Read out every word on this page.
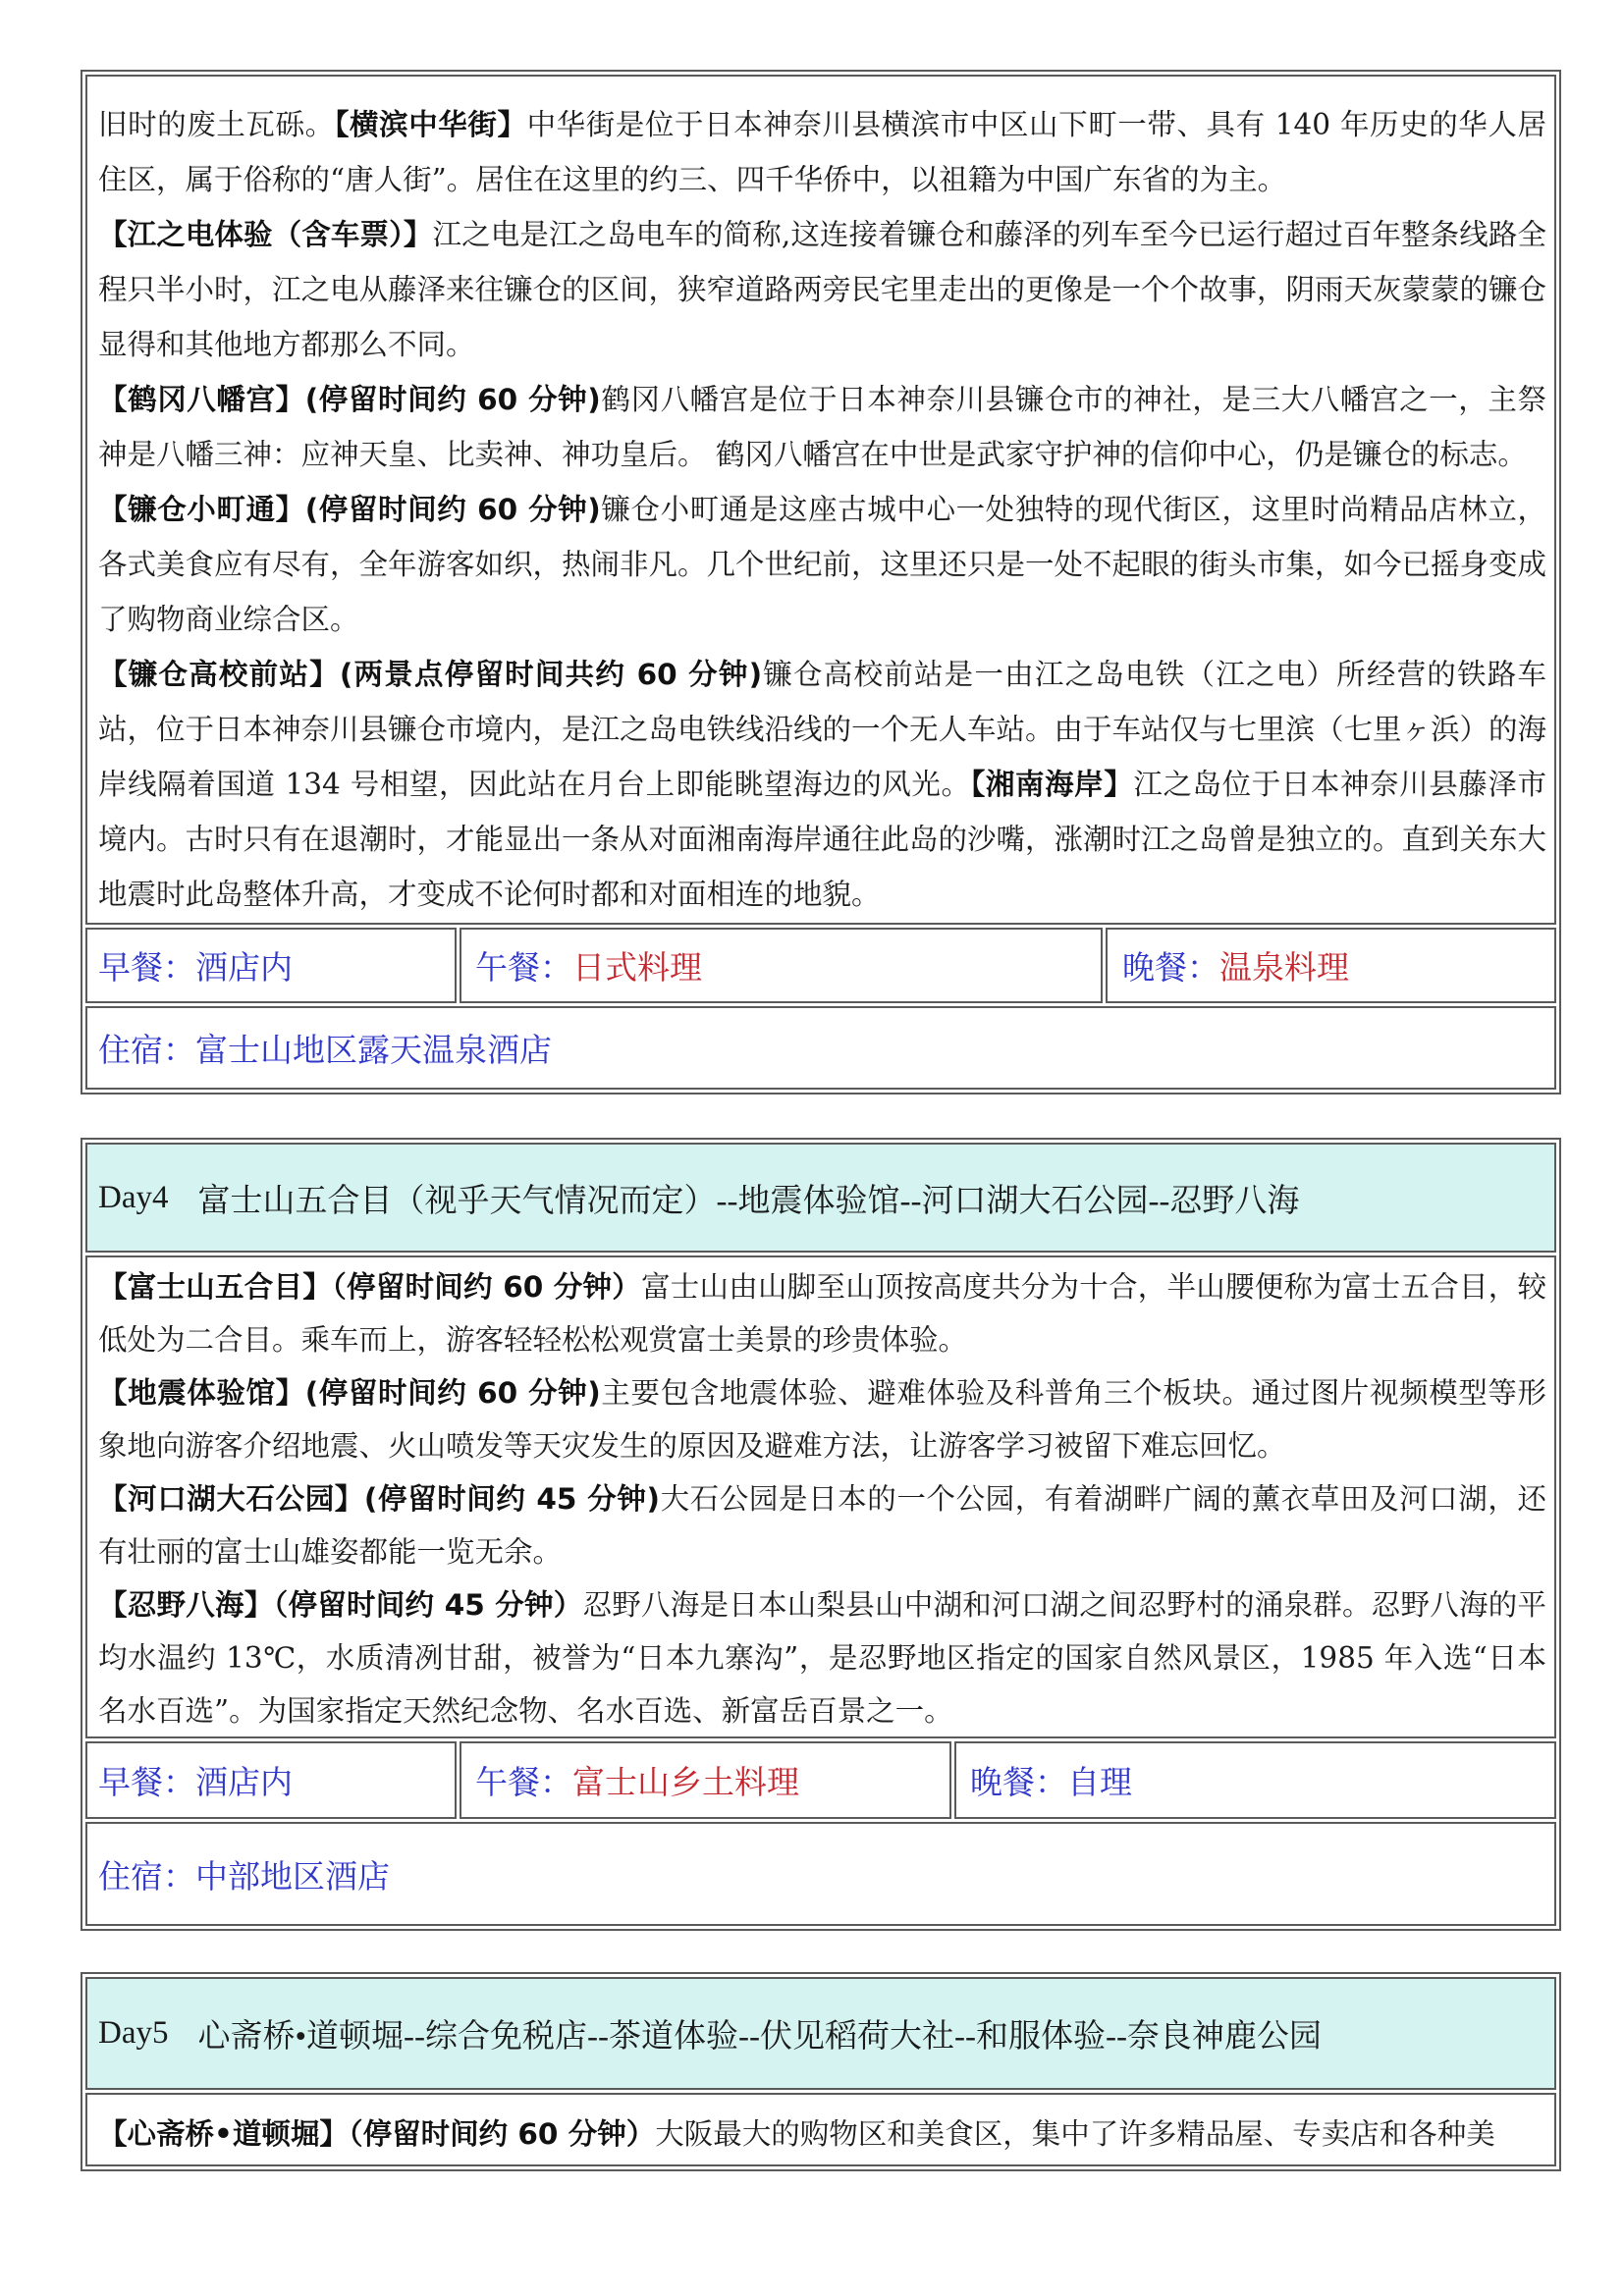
旧时的废土瓦砾。【横滨中华街】中华街是位于日本神奈川县横滨市中区山下町一带、具有 140 年历史的华人居住区，属于俗称的“唐人街”。居住在这里的约三、四千华侨中，以祖籍为中国广东省的为主。

【江之电体验（含车票）】江之电是江之岛电车的简称,这连接着镰仓和藤泽的列车至今已运行超过百年整条线路全程只半小时，江之电从藤泽来往镰仓的区间，狭窄道路两旁民宅里走出的更像是一个个故事，阴雨天灰蒙蒙的镰仓显得和其他地方都那么不同。

【鹤冈八幡宫】(停留时间约 60 分钟)鹤冈八幡宫是位于日本神奈川县镰仓市的神社，是三大八幡宫之一，主祭神是八幡三神：应神天皇、比卖神、神功皇后。 鹤冈八幡宫在中世是武家守护神的信仰中心，仍是镰仓的标志。

【镰仓小町通】(停留时间约 60 分钟)镰仓小町通是这座古城中心一处独特的现代街区，这里时尚精品店林立，各式美食应有尽有，全年游客如织，热闹非凡。几个世纪前，这里还只是一处不起眼的街头市集，如今已摇身变成了购物商业综合区。

【镰仓高校前站】(两景点停留时间共约 60 分钟)镰仓高校前站是一由江之岛电铁（江之电）所经营的铁路车站，位于日本神奈川县镰仓市境内，是江之岛电铁线沿线的一个无人车站。由于车站仅与七里滨（七里ヶ浜）的海岸线隔着国道 134 号相望，因此站在月台上即能眺望海边的风光。【湘南海岸】江之岛位于日本神奈川县藤泽市境内。古时只有在退潮时，才能显出一条从对面湘南海岸通往此岛的沙嘴，涨潮时江之岛曾是独立的。直到关东大地震时此岛整体升高，才变成不论何时都和对面相连的地貌。

早餐： 酒店内	午餐： 日式料理	晚餐： 温泉料理
住宿： 富士山地区露天温泉酒店
Day4 富士山五合目（视乎天气情况而定）--地震体验馆--河口湖大石公园--忍野八海

【富士山五合目】（停留时间约 60 分钟）富士山由山脚至山顶按高度共分为十合，半山腰便称为富士五合目，较低处为二合目。乘车而上，游客轻轻松松观赏富士美景的珍贵体验。

【地震体验馆】(停留时间约 60 分钟)主要包含地震体验、避难体验及科普角三个板块。通过图片视频模型等形象地向游客介绍地震、火山喷发等天灾发生的原因及避难方法，让游客学习被留下难忘回忆。

【河口湖大石公园】(停留时间约 45 分钟)大石公园是日本的一个公园，有着湖畔广阔的薰衣草田及河口湖，还有壮丽的富士山雄姿都能一览无余。

【忍野八海】（停留时间约 45 分钟）忍野八海是日本山梨县山中湖和河口湖之间忍野村的涌泉群。忍野八海的平均水温约 13℃，水质清冽甘甜，被誉为“日本九寨沟”，是忍野地区指定的国家自然风景区，1985 年入选“日本名水百选”。为国家指定天然纪念物、名水百选、新富岳百景之一。

早餐： 酒店内	午餐： 富士山乡土料理	晚餐： 自理
住宿： 中部地区酒店
Day5 心斋桥•道顿堀--综合免税店--茶道体验--伏见稻荷大社--和服体验--奈良神鹿公园

【心斋桥•道顿堀】（停留时间约 60 分钟）大阪最大的购物区和美食区，集中了许多精品屋、专卖店和各种美
